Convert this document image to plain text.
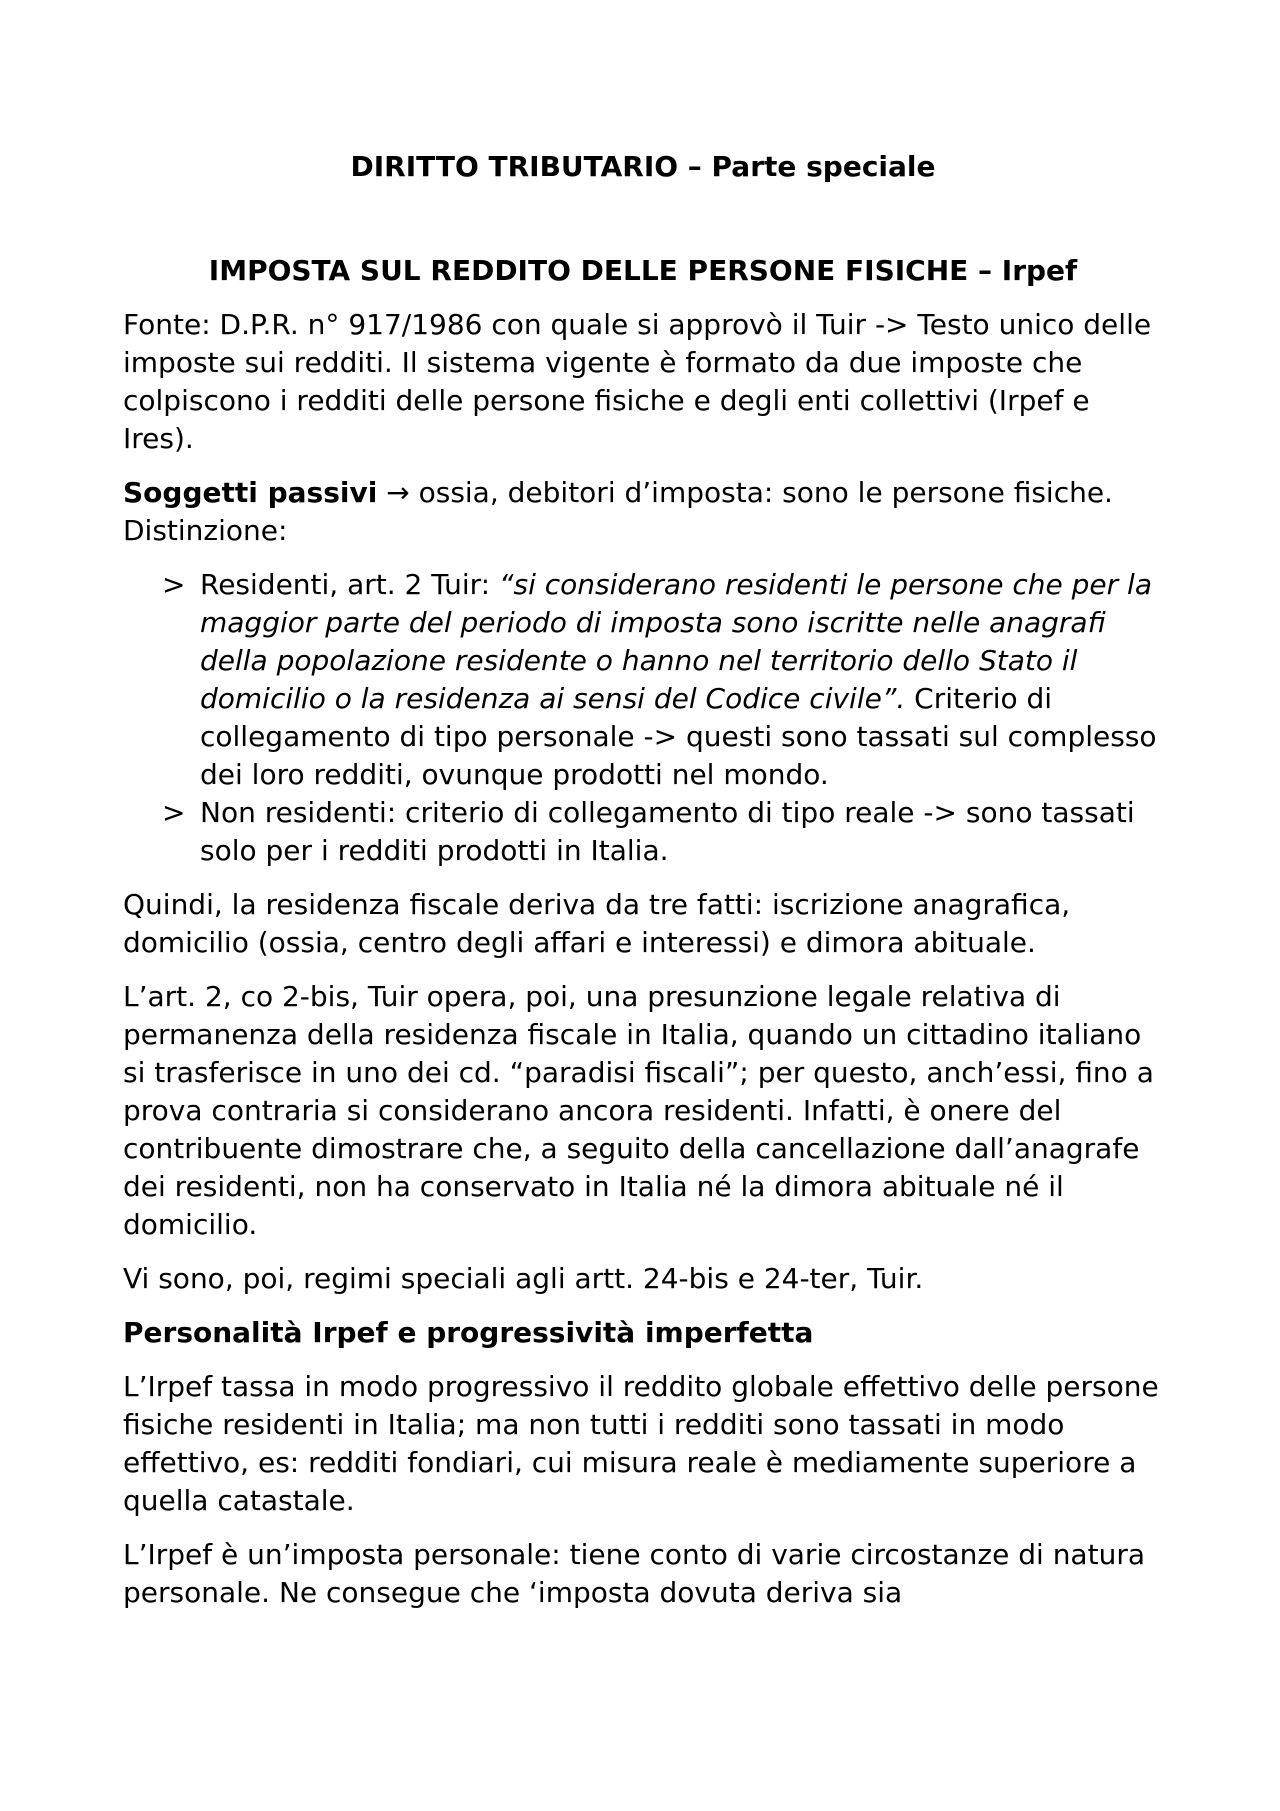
DIRITTO TRIBUTARIO – Parte speciale
IMPOSTA SUL REDDITO DELLE PERSONE FISICHE – Irpef

Fonte: D.P.R. n° 917/1986 con quale si approvò il Tuir -> Testo unico delle imposte sui redditi. Il sistema vigente è formato da due imposte che colpiscono i redditi delle persone fisiche e degli enti collettivi (Irpef e Ires).

Soggetti passivi → ossia, debitori d’imposta: sono le persone fisiche. Distinzione:

> Residenti, art. 2 Tuir: “si considerano residenti le persone che per la maggior parte del periodo di imposta sono iscritte nelle anagrafi della popolazione residente o hanno nel territorio dello Stato il domicilio o la residenza ai sensi del Codice civile”. Criterio di collegamento di tipo personale -> questi sono tassati sul complesso dei loro redditi, ovunque prodotti nel mondo.
> Non residenti: criterio di collegamento di tipo reale -> sono tassati solo per i redditi prodotti in Italia.

Quindi, la residenza fiscale deriva da tre fatti: iscrizione anagrafica, domicilio (ossia, centro degli affari e interessi) e dimora abituale.

L’art. 2, co 2-bis, Tuir opera, poi, una presunzione legale relativa di permanenza della residenza fiscale in Italia, quando un cittadino italiano si trasferisce in uno dei cd. “paradisi fiscali”; per questo, anch’essi, fino a prova contraria si considerano ancora residenti. Infatti, è onere del contribuente dimostrare che, a seguito della cancellazione dall’anagrafe dei residenti, non ha conservato in Italia né la dimora abituale né il domicilio.

Vi sono, poi, regimi speciali agli artt. 24-bis e 24-ter, Tuir.

Personalità Irpef e progressività imperfetta

L’Irpef tassa in modo progressivo il reddito globale effettivo delle persone fisiche residenti in Italia; ma non tutti i redditi sono tassati in modo effettivo, es: redditi fondiari, cui misura reale è mediamente superiore a quella catastale.

L’Irpef è un’imposta personale: tiene conto di varie circostanze di natura personale. Ne consegue che ‘imposta dovuta deriva sia
